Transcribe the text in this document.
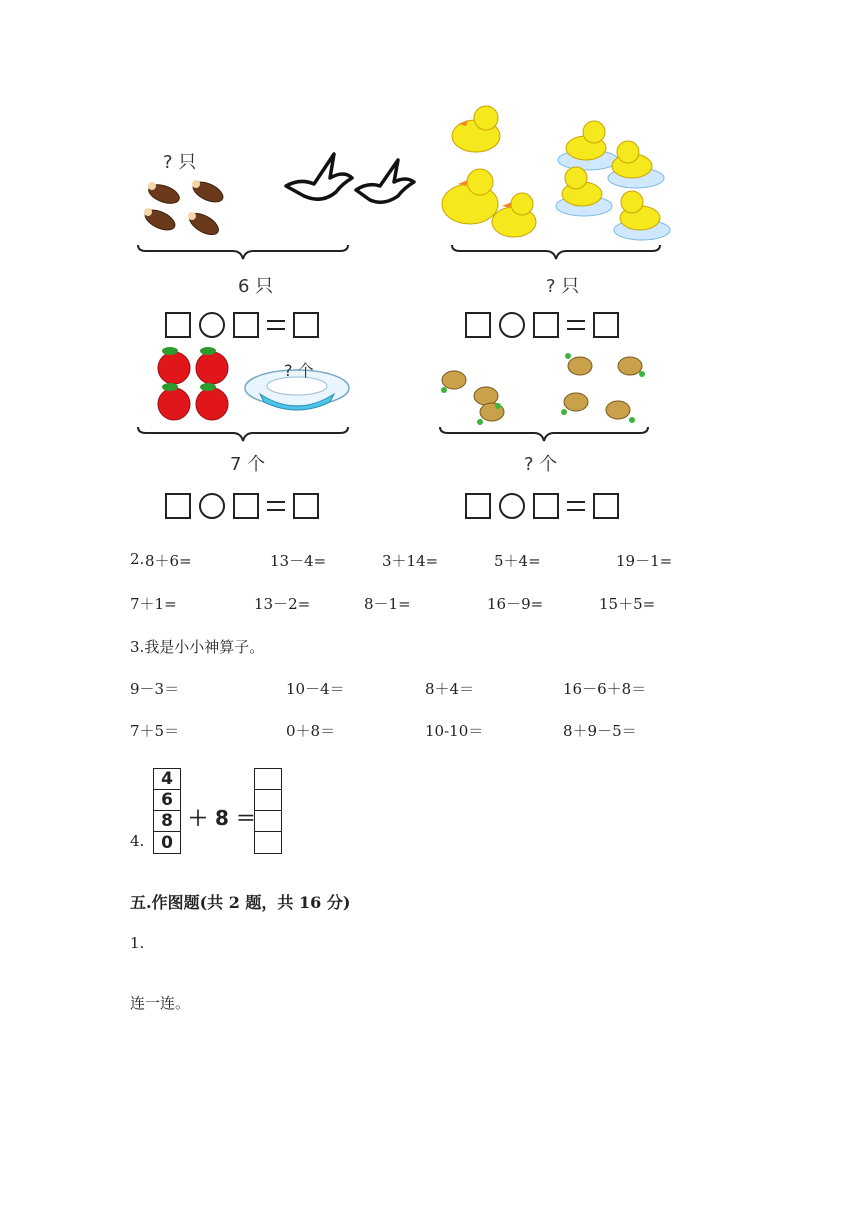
? 只
6 只	? 只
? 个
7 个	? 个
2. 8＋6=	13－4=	3＋14=	5＋4=	19－1=
7＋1=	13－2=	8－1=	16－9=	15＋5=
3.我是小小神算子。
9－3＝	10－4＝	8＋4＝	16－6＋8＝
7＋5＝	0＋8＝	10-10＝	8＋9－5＝
4.
4
6
8
0
＋ 8 ＝
五.作图题(共 2 题，共 16 分)
1.
连一连。
